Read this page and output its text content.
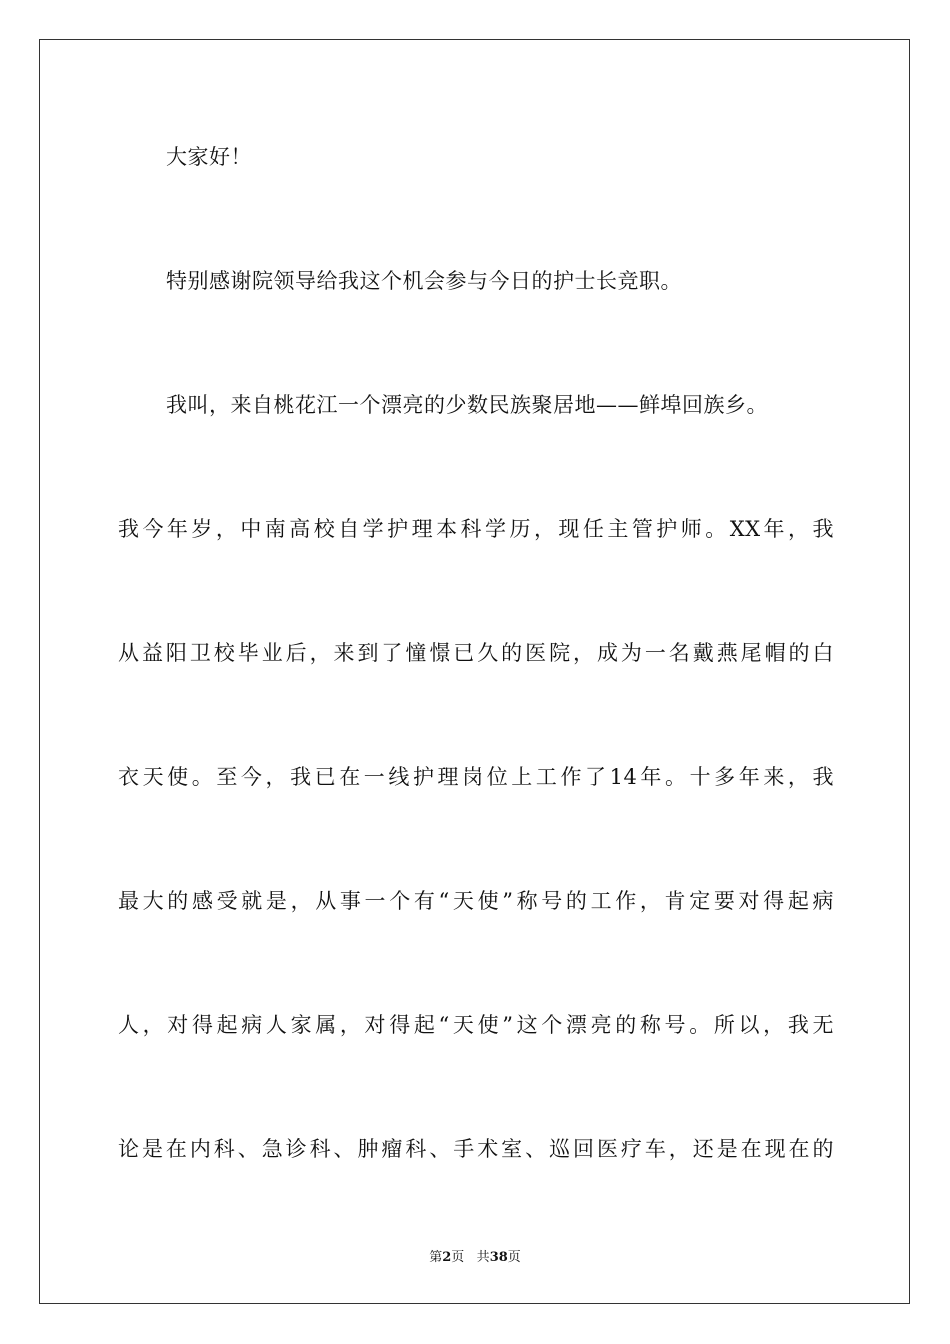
大家好！
特别感谢院领导给我这个机会参与今日的护士长竞职。
我叫，来自桃花江一个漂亮的少数民族聚居地——鲜埠回族乡。
我今年岁，中南高校自学护理本科学历，现任主管护师。XX年，我
从益阳卫校毕业后，来到了憧憬已久的医院，成为一名戴燕尾帽的白
衣天使。至今，我已在一线护理岗位上工作了14年。十多年来，我
最大的感受就是，从事一个有“天使”称号的工作，肯定要对得起病
人，对得起病人家属，对得起“天使”这个漂亮的称号。所以，我无
论是在内科、急诊科、肿瘤科、手术室、巡回医疗车，还是在现在的
第2页 共38页
